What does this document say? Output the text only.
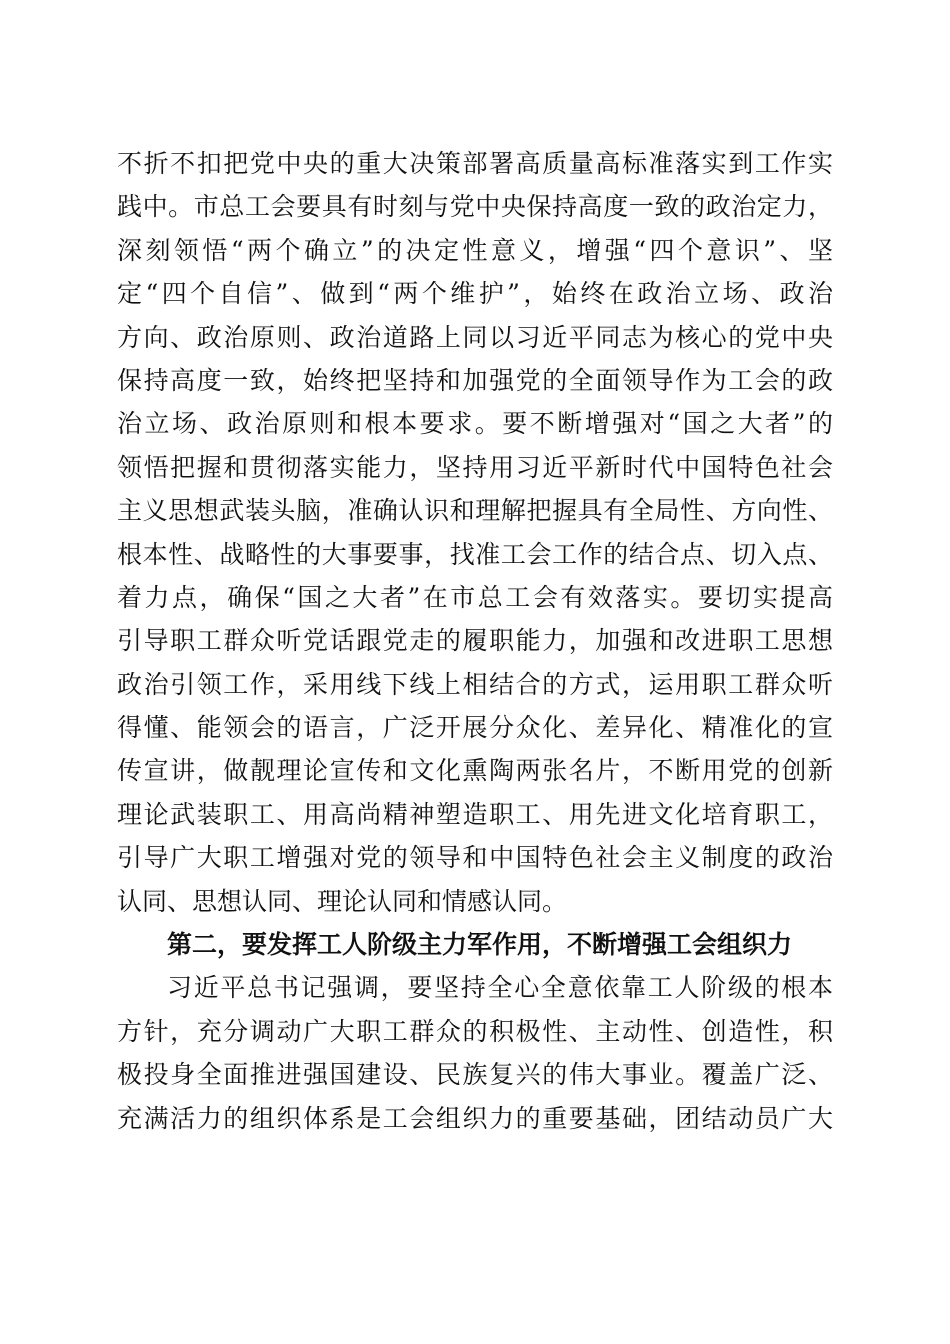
不折不扣把党中央的重大决策部署高质量高标准落实到工作实
践中。市总工会要具有时刻与党中央保持高度一致的政治定力，
深刻领悟“两个确立”的决定性意义，增强“四个意识”、坚
定“四个自信”、做到“两个维护”，始终在政治立场、政治
方向、政治原则、政治道路上同以习近平同志为核心的党中央
保持高度一致，始终把坚持和加强党的全面领导作为工会的政
治立场、政治原则和根本要求。要不断增强对“国之大者”的
领悟把握和贯彻落实能力，坚持用习近平新时代中国特色社会
主义思想武装头脑，准确认识和理解把握具有全局性、方向性、
根本性、战略性的大事要事，找准工会工作的结合点、切入点、
着力点，确保“国之大者”在市总工会有效落实。要切实提高
引导职工群众听党话跟党走的履职能力，加强和改进职工思想
政治引领工作，采用线下线上相结合的方式，运用职工群众听
得懂、能领会的语言，广泛开展分众化、差异化、精准化的宣
传宣讲，做靓理论宣传和文化熏陶两张名片，不断用党的创新
理论武装职工、用高尚精神塑造职工、用先进文化培育职工，
引导广大职工增强对党的领导和中国特色社会主义制度的政治
认同、思想认同、理论认同和情感认同。
第二，要发挥工人阶级主力军作用，不断增强工会组织力
习近平总书记强调，要坚持全心全意依靠工人阶级的根本
方针，充分调动广大职工群众的积极性、主动性、创造性，积
极投身全面推进强国建设、民族复兴的伟大事业。覆盖广泛、
充满活力的组织体系是工会组织力的重要基础，团结动员广大
